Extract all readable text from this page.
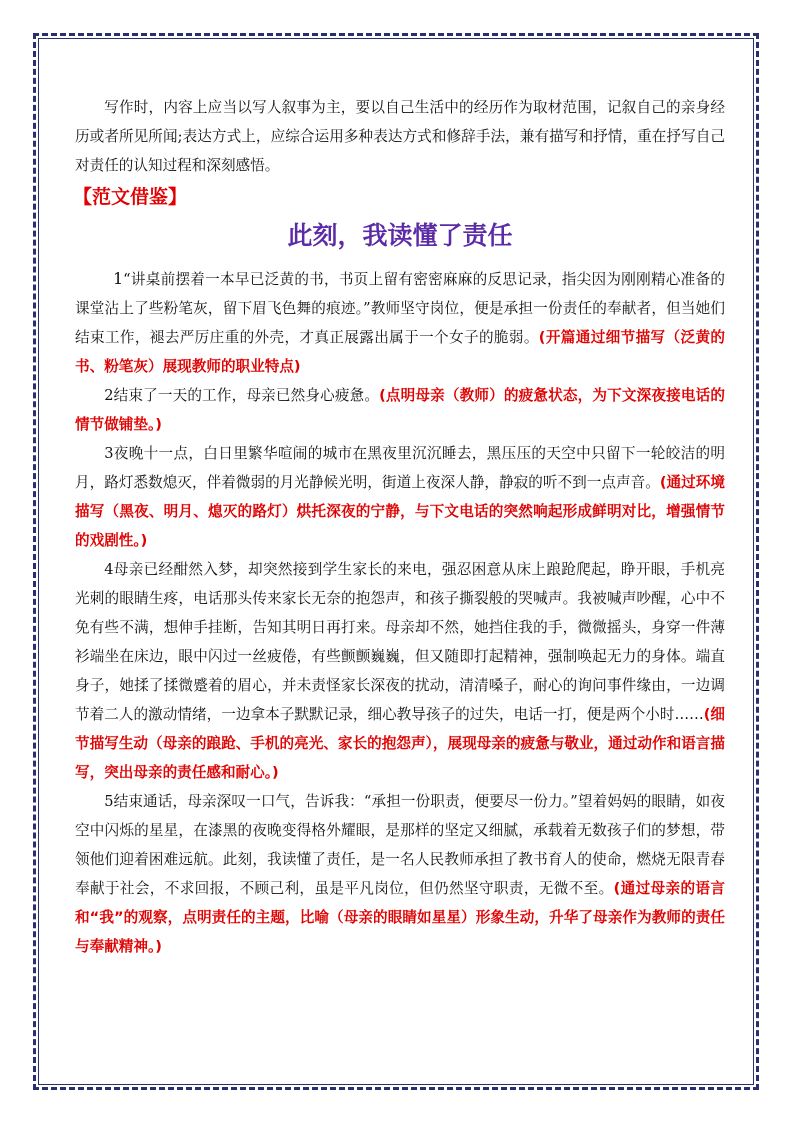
写作时，内容上应当以写人叙事为主，要以自己生活中的经历作为取材范围，记叙自己的亲身经历或者所见所闻;表达方式上，应综合运用多种表达方式和修辞手法，兼有描写和抒情，重在抒写自己对责任的认知过程和深刻感悟。

【范文借鉴】
此刻，我读懂了责任

1“讲桌前摆着一本早已泛黄的书，书页上留有密密麻麻的反思记录，指尖因为刚刚精心准备的课堂沾上了些粉笔灰，留下眉飞色舞的痕迹。”教师坚守岗位，便是承担一份责任的奉献者，但当她们结束工作，褪去严厉庄重的外壳，才真正展露出属于一个女子的脆弱。(开篇通过细节描写（泛黄的书、粉笔灰）展现教师的职业特点)

2结束了一天的工作，母亲已然身心疲惫。(点明母亲（教师）的疲惫状态，为下文深夜接电话的情节做铺垫。)

3夜晚十一点，白日里繁华喧闹的城市在黑夜里沉沉睡去，黑压压的天空中只留下一轮皎洁的明月，路灯悉数熄灭，伴着微弱的月光静候光明，街道上夜深人静，静寂的听不到一点声音。(通过环境描写（黑夜、明月、熄灭的路灯）烘托深夜的宁静，与下文电话的突然响起形成鲜明对比，增强情节的戏剧性。)

4母亲已经酣然入梦，却突然接到学生家长的来电，强忍困意从床上踉跄爬起，睁开眼，手机亮光刺的眼睛生疼，电话那头传来家长无奈的抱怨声，和孩子撕裂般的哭喊声。我被喊声吵醒，心中不免有些不满，想伸手挂断，告知其明日再打来。母亲却不然，她挡住我的手，微微摇头，身穿一件薄衫端坐在床边，眼中闪过一丝疲倦，有些颤颤巍巍，但又随即打起精神，强制唤起无力的身体。端直身子，她揉了揉微蹙着的眉心，并未责怪家长深夜的扰动，清清嗓子，耐心的询问事件缘由，一边调节着二人的激动情绪，一边拿本子默默记录，细心教导孩子的过失，电话一打，便是两个小时……(细节描写生动（母亲的踉跄、手机的亮光、家长的抱怨声），展现母亲的疲惫与敬业，通过动作和语言描写，突出母亲的责任感和耐心。)

5结束通话，母亲深叹一口气，告诉我：“承担一份职责，便要尽一份力。”望着妈妈的眼睛，如夜空中闪烁的星星，在漆黑的夜晚变得格外耀眼，是那样的坚定又细腻，承载着无数孩子们的梦想，带领他们迎着困难远航。此刻，我读懂了责任，是一名人民教师承担了教书育人的使命，燃烧无限青春奉献于社会，不求回报，不顾己利，虽是平凡岗位，但仍然坚守职责，无微不至。(通过母亲的语言和“我”的观察，点明责任的主题，比喻（母亲的眼睛如星星）形象生动，升华了母亲作为教师的责任与奉献精神。)
